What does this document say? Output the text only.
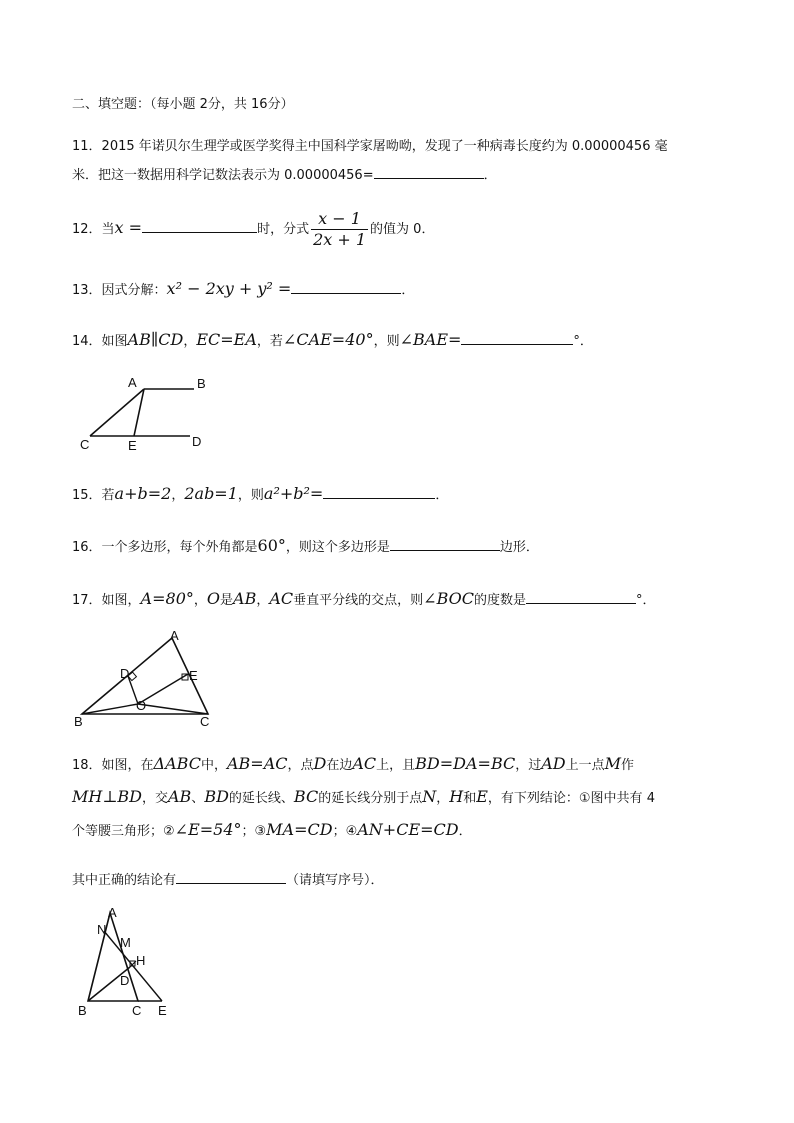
二、填空题：（每小题 2分，共 16分）
11．2015 年诺贝尔生理学或医学奖得主中国科学家屠呦呦，发现了一种病毒长度约为 0.00000456 毫
米．把这一数据用科学记数法表示为 0.00000456=	．
12．当x =	时，分式 $\frac{x - 1}{2x + 1}$ 的值为 0．
13．因式分解：x² − 2xy + y² =	．
14．如图AB∥CD，EC=EA，若∠CAE=40°，则∠BAE=	°．
A	B
C	E	D
15．若a+b=2，2ab=1，则a²+b²=	．
16．一个多边形，每个外角都是60°，则这个多边形是	边形．
17．如图，A=80°，O是AB，AC垂直平分线的交点，则∠BOC的度数是	°．
A
D	E
O
B	C
18．如图，在ΔABC中，AB=AC，点D在边AC上，且BD=DA=BC，过AD上一点M作
MH⊥BD，交AB、BD的延长线、BC的延长线分别于点N，H和E，有下列结论：①图中共有 4
个等腰三角形；②∠E=54°；③MA=CD；④AN+CE=CD．
其中正确的结论有	（请填写序号）．
A
N
M
H
D
B	C E
